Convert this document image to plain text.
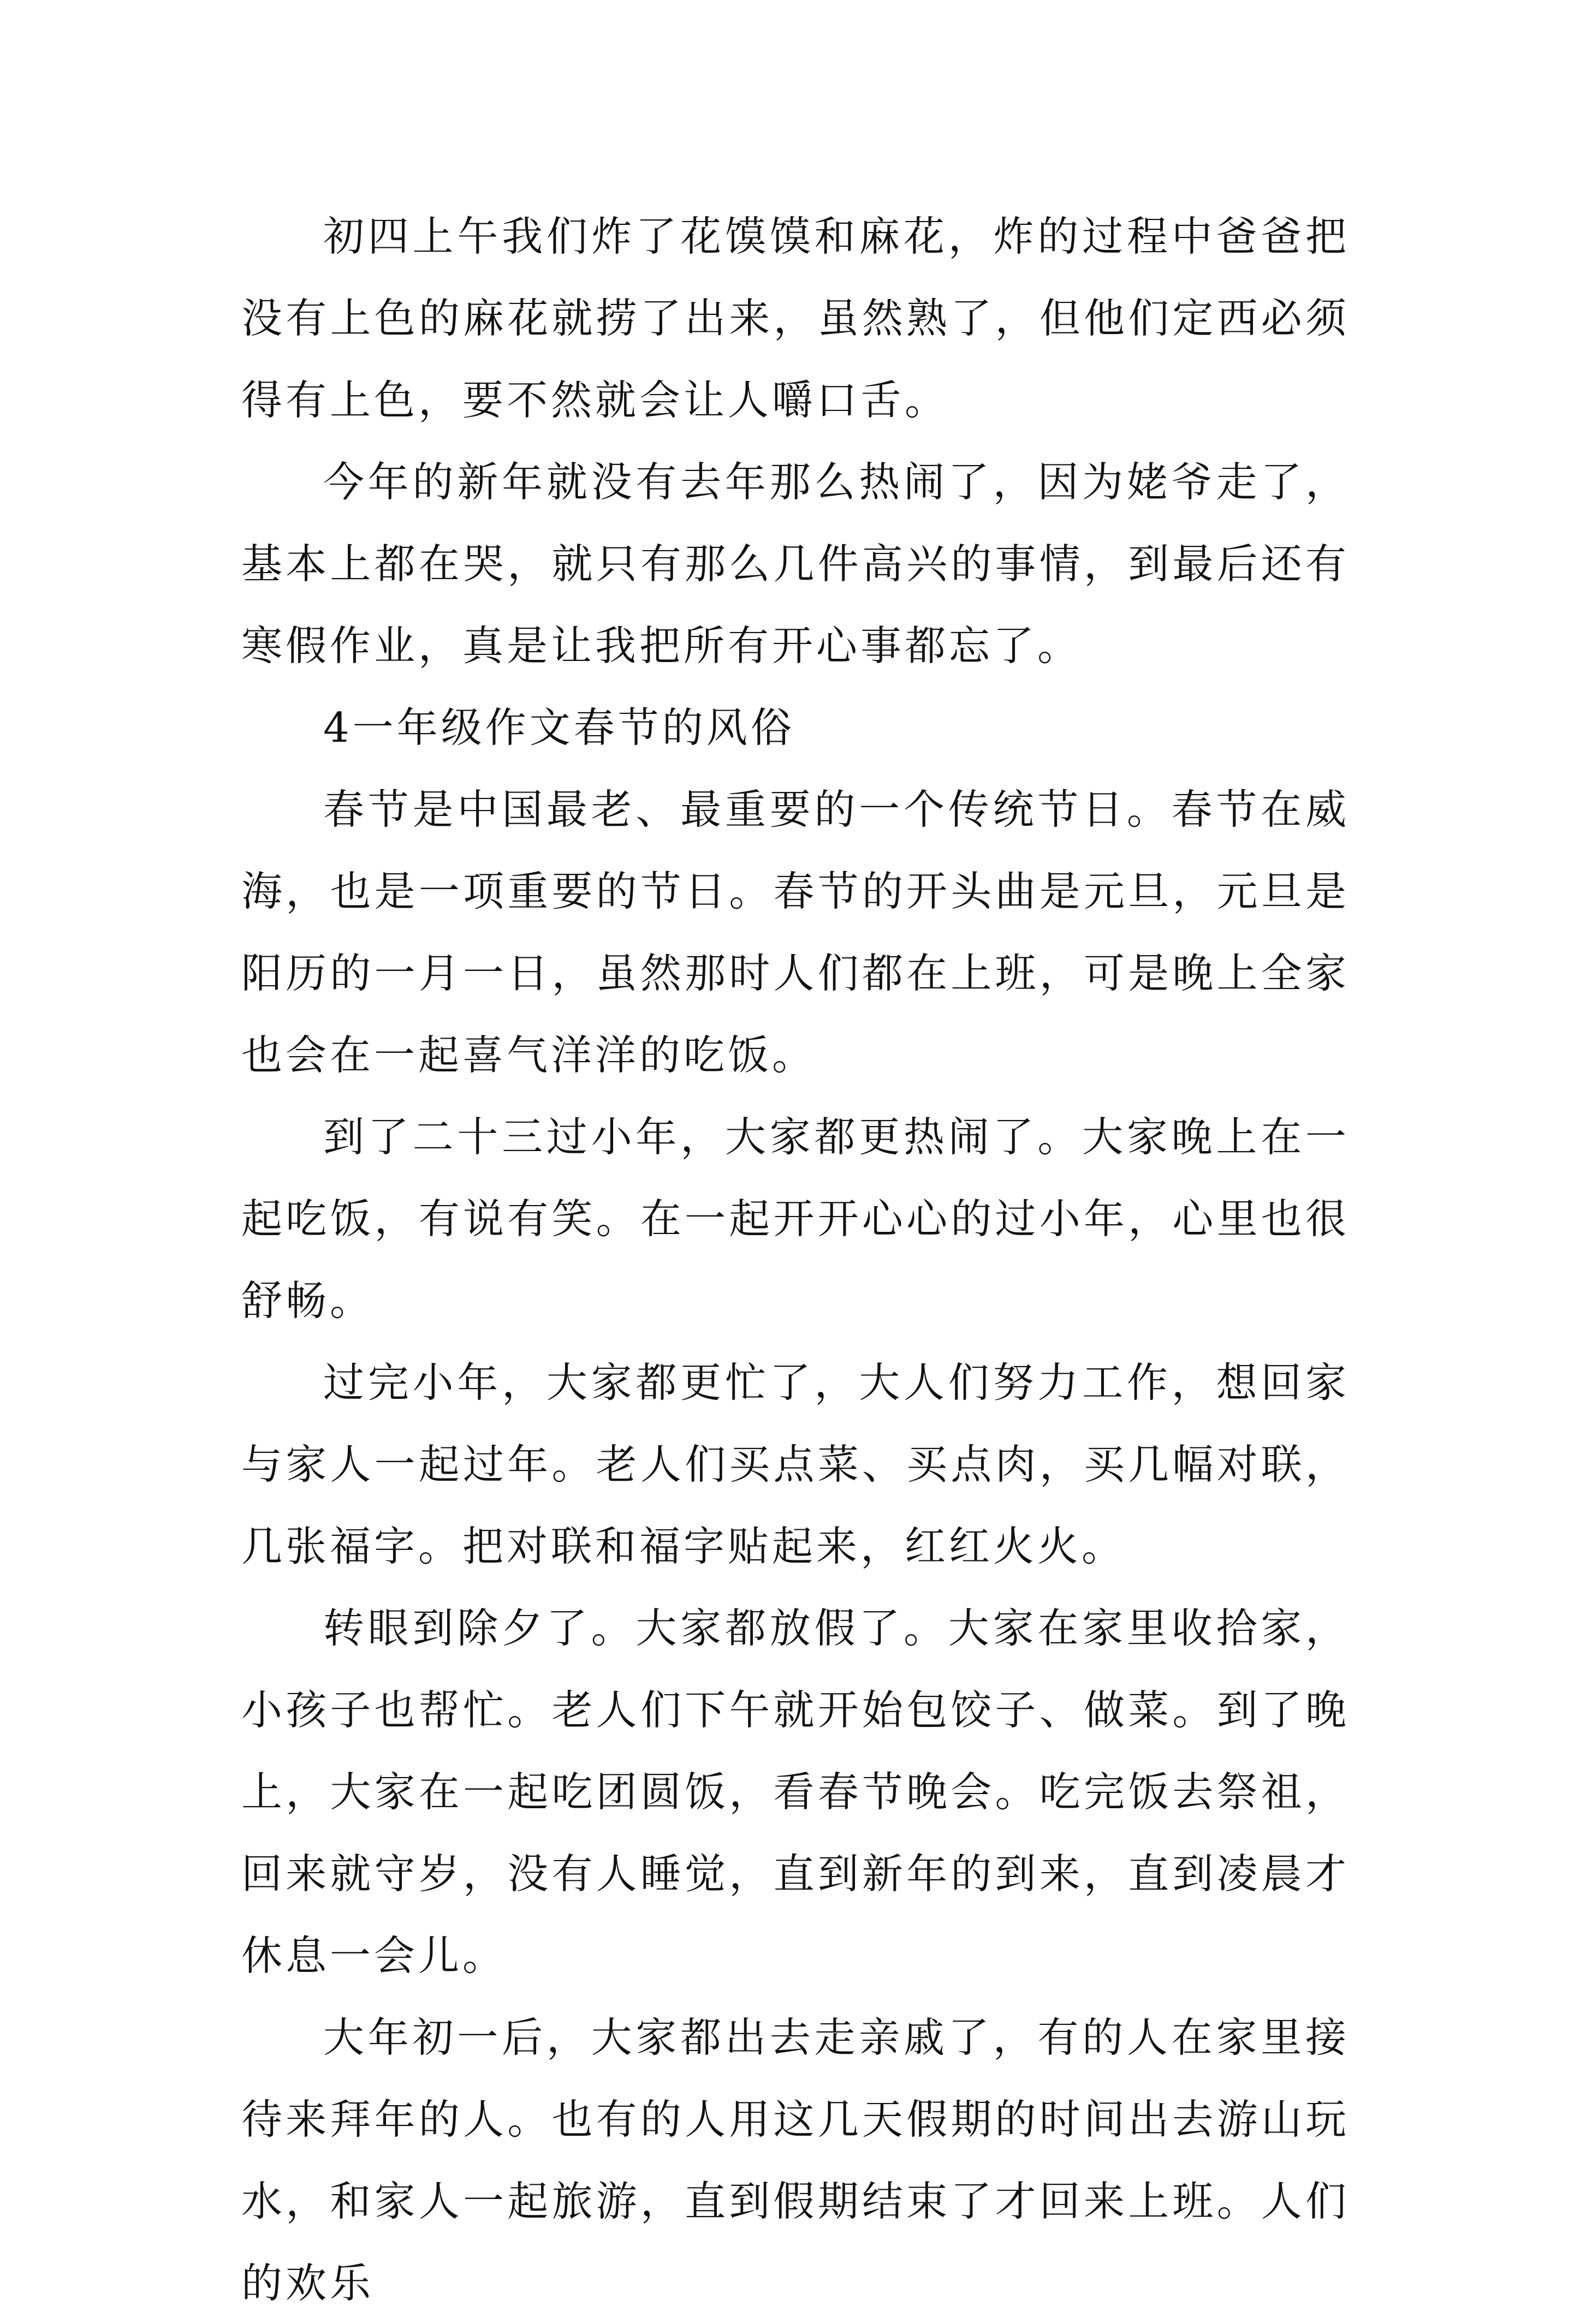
初四上午我们炸了花馍馍和麻花，炸的过程中爸爸把没有上色的麻花就捞了出来，虽然熟了，但他们定西必须得有上色，要不然就会让人嚼口舌。

今年的新年就没有去年那么热闹了，因为姥爷走了，基本上都在哭，就只有那么几件高兴的事情，到最后还有寒假作业，真是让我把所有开心事都忘了。

4一年级作文春节的风俗

春节是中国最老、最重要的一个传统节日。春节在威海，也是一项重要的节日。春节的开头曲是元旦，元旦是阳历的一月一日，虽然那时人们都在上班，可是晚上全家也会在一起喜气洋洋的吃饭。

到了二十三过小年，大家都更热闹了。大家晚上在一起吃饭，有说有笑。在一起开开心心的过小年，心里也很舒畅。

过完小年，大家都更忙了，大人们努力工作，想回家与家人一起过年。老人们买点菜、买点肉，买几幅对联，几张福字。把对联和福字贴起来，红红火火。

转眼到除夕了。大家都放假了。大家在家里收拾家，小孩子也帮忙。老人们下午就开始包饺子、做菜。到了晚上，大家在一起吃团圆饭，看春节晚会。吃完饭去祭祖，回来就守岁，没有人睡觉，直到新年的到来，直到凌晨才休息一会儿。

大年初一后，大家都出去走亲戚了，有的人在家里接待来拜年的人。也有的人用这几天假期的时间出去游山玩水，和家人一起旅游，直到假期结束了才回来上班。人们的欢乐
